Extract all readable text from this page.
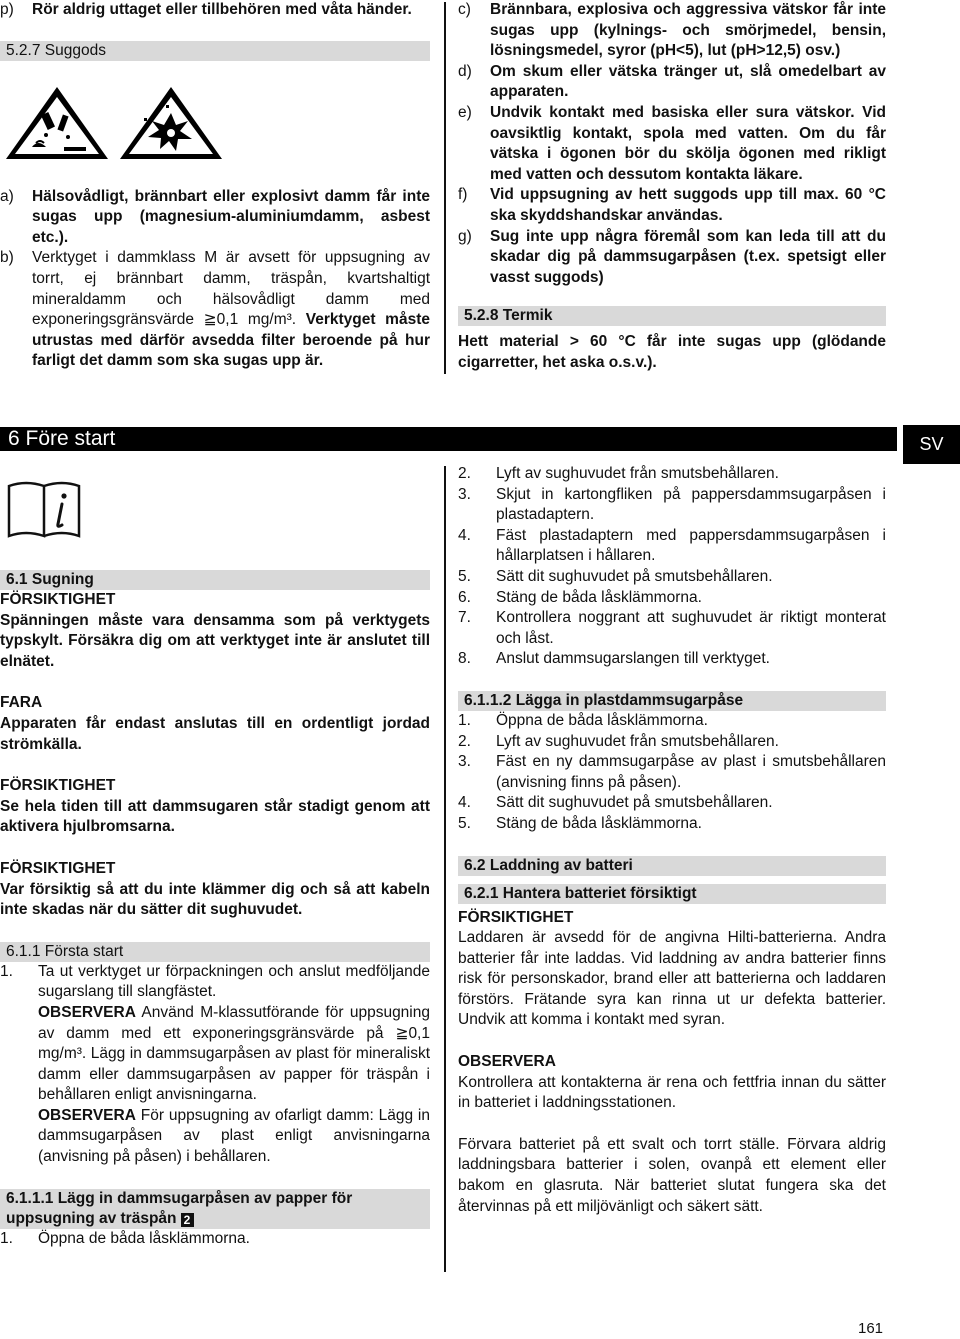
p) Rör aldrig uttaget eller tillbehören med våta händer.
5.2.7 Suggods
a) Hälsovådligt, brännbart eller explosivt damm får inte sugas upp (magnesium-aluminiumdamm, asbest etc.).
b) Verktyget i dammklass M är avsett för uppsugning av torrt, ej brännbart damm, träspån, kvartshaltigt mineraldamm och hälsovådligt damm med exponeringsgränsvärde ≧0,1 mg/m³. Verktyget måste utrustas med därför avsedda filter beroende på hur farligt det damm som ska sugas upp är.
c) Brännbara, explosiva och aggressiva vätskor får inte sugas upp (kylnings- och smörjmedel, bensin, lösningsmedel, syror (pH<5), lut (pH>12,5) osv.)
d) Om skum eller vätska tränger ut, slå omedelbart av apparaten.
e) Undvik kontakt med basiska eller sura vätskor. Vid oavsiktlig kontakt, spola med vatten. Om du får vätska i ögonen bör du skölja ögonen med rikligt med vatten och dessutom kontakta läkare.
f) Vid uppsugning av hett suggods upp till max. 60 °C ska skyddshandskar användas.
g) Sug inte upp några föremål som kan leda till att du skadar dig på dammsugarpåsen (t.ex. spetsigt eller vasst suggods)
5.2.8 Termik

Hett material > 60 °C får inte sugas upp (glödande cigarretter, het aska o.s.v.).

6 Före start	SV
6.1 Sugning

FÖRSIKTIGHET

Spänningen måste vara densamma som på verktygets typskylt. Försäkra dig om att verktyget inte är anslutet till elnätet.

FARA

Apparaten får endast anslutas till en ordentligt jordad strömkälla.

FÖRSIKTIGHET

Se hela tiden till att dammsugaren står stadigt genom att aktivera hjulbromsarna.

FÖRSIKTIGHET

Var försiktig så att du inte klämmer dig och så att kabeln inte skadas när du sätter dit sughuvudet.

6.1.1 Första start
1. Ta ut verktyget ur förpackningen och anslut medföljande sugarslang till slangfästet.

OBSERVERA Använd M-klassutförande för uppsugning av damm med ett exponeringsgränsvärde på ≧0,1 mg/m³. Lägg in dammsugarpåsen av plast för mineraliskt damm eller dammsugarpåsen av papper för träspån i behållaren enligt anvisningarna.

OBSERVERA För uppsugning av ofarligt damm: Lägg in dammsugarpåsen av plast enligt anvisningarna (anvisning på påsen) i behållaren.

6.1.1.1 Lägg in dammsugarpåsen av papper för uppsugning av träspån 2
1. Öppna de båda låsklämmorna.
2. Lyft av sughuvudet från smutsbehållaren.
3. Skjut in kartongfliken på pappersdammsugarpåsen i plastadaptern.
4. Fäst plastadaptern med pappersdammsugarpåsen i hållarplatsen i hållaren.
5. Sätt dit sughuvudet på smutsbehållaren.
6. Stäng de båda låsklämmorna.
7. Kontrollera noggrant att sughuvudet är riktigt monterat och låst.
8. Anslut dammsugarslangen till verktyget.
6.1.1.2 Lägga in plastdammsugarpåse
1. Öppna de båda låsklämmorna.
2. Lyft av sughuvudet från smutsbehållaren.
3. Fäst en ny dammsugarpåse av plast i smutsbehållaren (anvisning finns på påsen).
4. Sätt dit sughuvudet på smutsbehållaren.
5. Stäng de båda låsklämmorna.
6.2 Laddning av batteri
6.2.1 Hantera batteriet försiktigt

FÖRSIKTIGHET

Laddaren är avsedd för de angivna Hilti-batterierna. Andra batterier får inte laddas. Vid laddning av andra batterier finns risk för personskador, brand eller att batterierna och laddaren förstörs. Frätande syra kan rinna ut ur defekta batterier. Undvik att komma i kontakt med syran.

OBSERVERA

Kontrollera att kontakterna är rena och fettfria innan du sätter in batteriet i laddningsstationen.

Förvara batteriet på ett svalt och torrt ställe. Förvara aldrig laddningsbara batterier i solen, ovanpå ett element eller bakom en glasruta. När batteriet slutat fungera ska det återvinnas på ett miljövänligt och säkert sätt.

161
